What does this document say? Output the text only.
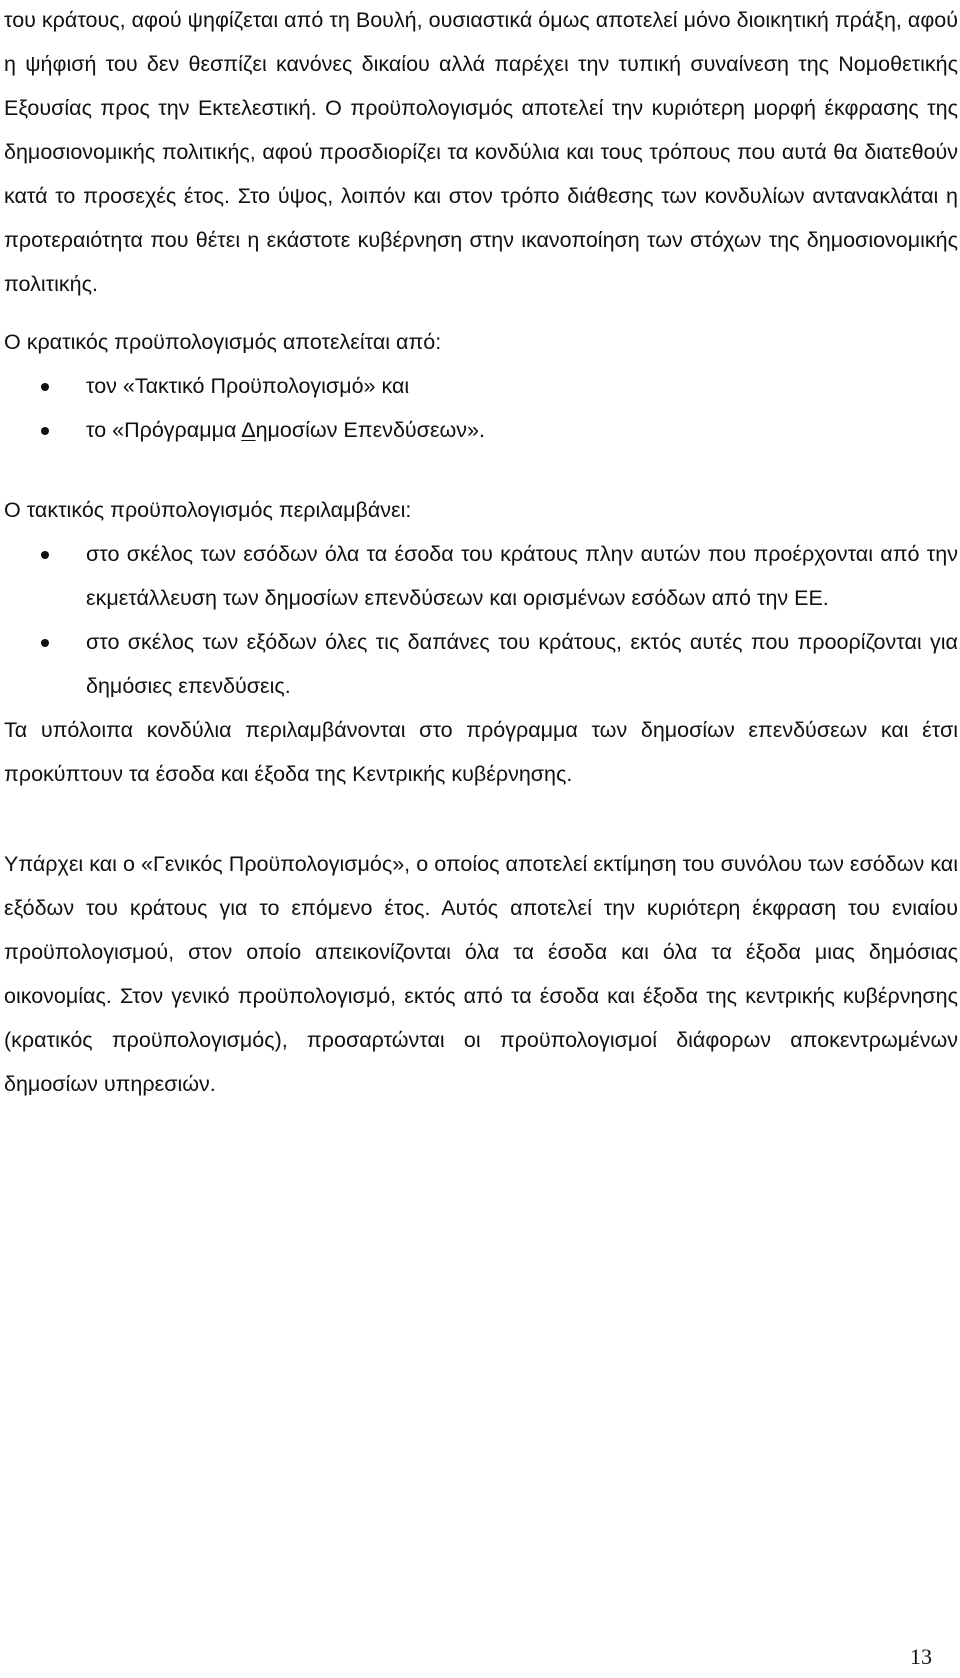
του κράτους, αφού ψηφίζεται από τη Βουλή, ουσιαστικά όμως αποτελεί μόνο διοικητική πράξη, αφού η ψήφισή του δεν θεσπίζει κανόνες δικαίου αλλά παρέχει την τυπική συναίνεση της Νομοθετικής Εξουσίας προς την Εκτελεστική. Ο προϋπολογισμός αποτελεί την κυριότερη μορφή έκφρασης της δημοσιονομικής πολιτικής, αφού προσδιορίζει τα κονδύλια και τους τρόπους που αυτά θα διατεθούν κατά το προσεχές έτος. Στο ύψος, λοιπόν και στον τρόπο διάθεσης των κονδυλίων αντανακλάται η προτεραιότητα που θέτει η εκάστοτε κυβέρνηση στην ικανοποίηση των στόχων της δημοσιονομικής πολιτικής.

Ο κρατικός προϋπολογισμός αποτελείται από:

τον «Τακτικό Προϋπολογισμό» και
το «Πρόγραμμα Δημοσίων Επενδύσεων».

Ο τακτικός προϋπολογισμός περιλαμβάνει:

στο σκέλος των εσόδων όλα τα έσοδα του κράτους πλην αυτών που προέρχονται από την εκμετάλλευση των δημοσίων επενδύσεων και ορισμένων εσόδων από την ΕΕ.
στο σκέλος των εξόδων όλες τις δαπάνες του κράτους, εκτός αυτές που προορίζονται για δημόσιες επενδύσεις.

Τα υπόλοιπα κονδύλια περιλαμβάνονται στο πρόγραμμα των δημοσίων επενδύσεων και έτσι προκύπτουν τα έσοδα και έξοδα της Κεντρικής κυβέρνησης.

Υπάρχει και ο «Γενικός Προϋπολογισμός», ο οποίος αποτελεί εκτίμηση του συνόλου των εσόδων και εξόδων του κράτους για το επόμενο έτος. Αυτός αποτελεί την κυριότερη έκφραση του ενιαίου προϋπολογισμού, στον οποίο απεικονίζονται όλα τα έσοδα και όλα τα έξοδα μιας δημόσιας οικονομίας. Στον γενικό προϋπολογισμό, εκτός από τα έσοδα και έξοδα της κεντρικής κυβέρνησης (κρατικός προϋπολογισμός), προσαρτώνται οι προϋπολογισμοί διάφορων αποκεντρωμένων δημοσίων υπηρεσιών.

13
